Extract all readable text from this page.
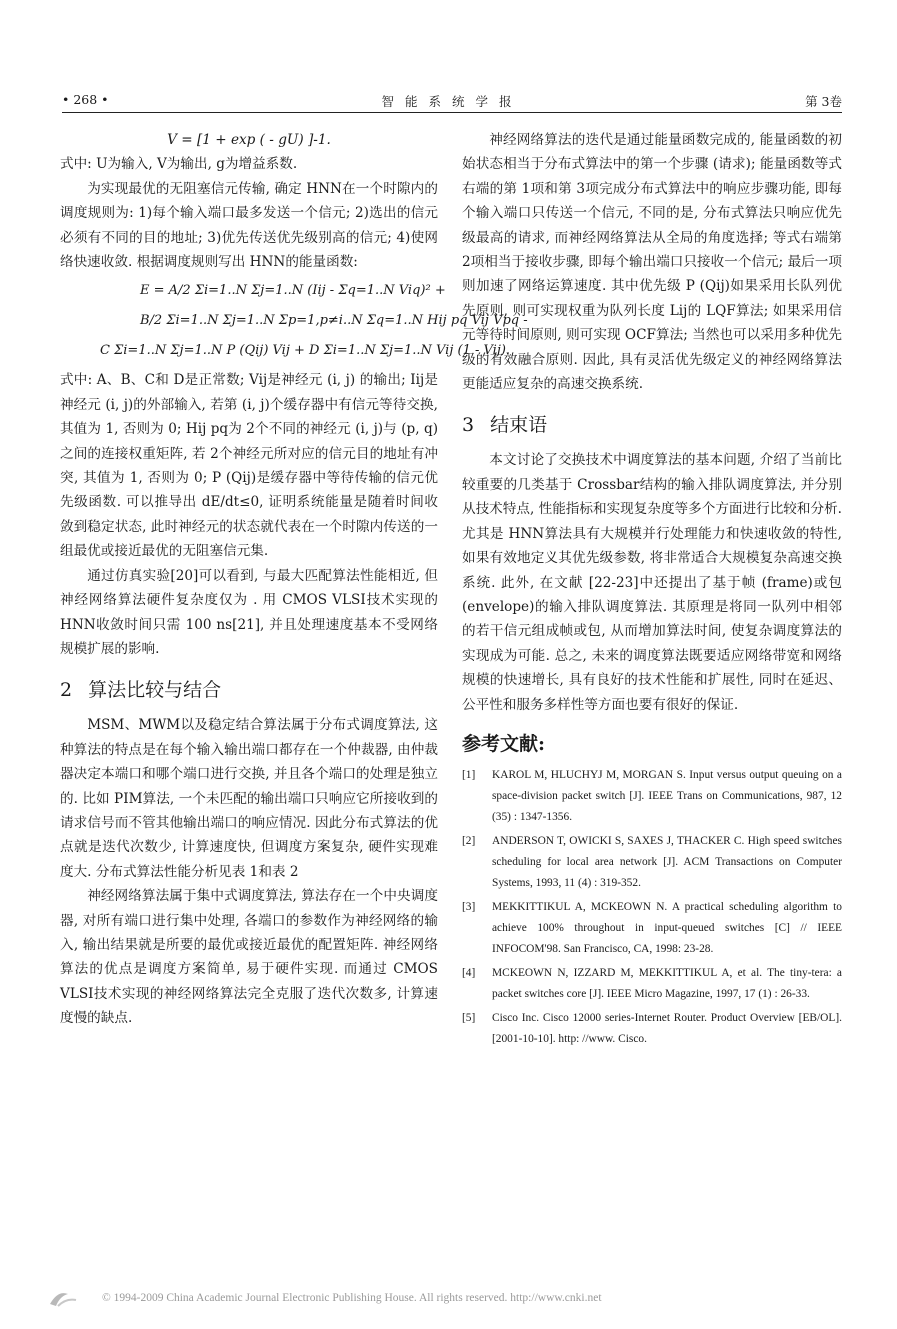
• 268 •	智能系统学报	第 3卷

V = [1 + exp ( - gU) ]-1.

式中: U为输入, V为输出, g为增益系数.

为实现最优的无阻塞信元传输, 确定 HNN在一个时隙内的调度规则为: 1)每个输入端口最多发送一个信元; 2)选出的信元必须有不同的目的地址; 3)优先传送优先级别高的信元; 4)使网络快速收敛. 根据调度规则写出 HNN的能量函数:

E = A/2 Σi=1..N Σj=1..N (Iij - Σq=1..N Viq)² +
B/2 Σi=1..N Σj=1..N Σp=1,p≠i..N Σq=1..N Hij pq Vij Vpq -
C Σi=1..N Σj=1..N P (Qij) Vij + D Σi=1..N Σj=1..N Vij (1 - Vij).

式中: A、B、C和 D是正常数; Vij是神经元 (i, j) 的输出; Iij是神经元 (i, j)的外部输入, 若第 (i, j)个缓存器中有信元等待交换, 其值为 1, 否则为 0; Hij pq为 2个不同的神经元 (i, j)与 (p, q)之间的连接权重矩阵, 若 2个神经元所对应的信元目的地址有冲突, 其值为 1, 否则为 0; P (Qij)是缓存器中等待传输的信元优先级函数. 可以推导出 dE/dt≤0, 证明系统能量是随着时间收敛到稳定状态, 此时神经元的状态就代表在一个时隙内传送的一组最优或接近最优的无阻塞信元集.

通过仿真实验[20]可以看到, 与最大匹配算法性能相近, 但神经网络算法硬件复杂度仅为 . 用 CMOS VLSI技术实现的 HNN收敛时间只需 100 ns[21], 并且处理速度基本不受网络规模扩展的影响.

2 算法比较与结合

MSM、MWM以及稳定结合算法属于分布式调度算法, 这种算法的特点是在每个输入输出端口都存在一个仲裁器, 由仲裁器决定本端口和哪个端口进行交换, 并且各个端口的处理是独立的. 比如 PIM算法, 一个未匹配的输出端口只响应它所接收到的请求信号而不管其他输出端口的响应情况. 因此分布式算法的优点就是迭代次数少, 计算速度快, 但调度方案复杂, 硬件实现难度大. 分布式算法性能分析见表 1和表 2

神经网络算法属于集中式调度算法, 算法存在一个中央调度器, 对所有端口进行集中处理, 各端口的参数作为神经网络的输入, 输出结果就是所要的最优或接近最优的配置矩阵. 神经网络算法的优点是调度方案简单, 易于硬件实现. 而通过 CMOS VLSI技术实现的神经网络算法完全克服了迭代次数多, 计算速度慢的缺点.

神经网络算法的迭代是通过能量函数完成的, 能量函数的初始状态相当于分布式算法中的第一个步骤 (请求); 能量函数等式右端的第 1项和第 3项完成分布式算法中的响应步骤功能, 即每个输入端口只传送一个信元, 不同的是, 分布式算法只响应优先级最高的请求, 而神经网络算法从全局的角度选择; 等式右端第 2项相当于接收步骤, 即每个输出端口只接收一个信元; 最后一项则加速了网络运算速度. 其中优先级 P (Qij)如果采用长队列优先原则, 则可实现权重为队列长度 Lij的 LQF算法; 如果采用信元等待时间原则, 则可实现 OCF算法; 当然也可以采用多种优先级的有效融合原则. 因此, 具有灵活优先级定义的神经网络算法更能适应复杂的高速交换系统.

3 结束语

本文讨论了交换技术中调度算法的基本问题, 介绍了当前比较重要的几类基于 Crossbar结构的输入排队调度算法, 并分别从技术特点, 性能指标和实现复杂度等多个方面进行比较和分析. 尤其是 HNN算法具有大规模并行处理能力和快速收敛的特性, 如果有效地定义其优先级参数, 将非常适合大规模复杂高速交换系统. 此外, 在文献 [22-23]中还提出了基于帧 (frame)或包 (envelope)的输入排队调度算法. 其原理是将同一队列中相邻的若干信元组成帧或包, 从而增加算法时间, 使复杂调度算法的实现成为可能. 总之, 未来的调度算法既要适应网络带宽和网络规模的快速增长, 具有良好的技术性能和扩展性, 同时在延迟、公平性和服务多样性等方面也要有很好的保证.

参考文献:
[1] KAROL M, HLUCHYJ M, MORGAN S. Input versus output queuing on a space-division packet switch [J]. IEEE Trans on Communications, 987, 12 (35) : 1347-1356.
[2] ANDERSON T, OWICKI S, SAXES J, THACKER C. High speed switches scheduling for local area network [J]. ACM Transactions on Computer Systems, 1993, 11 (4) : 319-352.
[3] MEKKITTIKUL A, MCKEOWN N. A practical scheduling algorithm to achieve 100% throughout in input-queued switches [C] // IEEE INFOCOM'98. San Francisco, CA, 1998: 23-28.
[4] MCKEOWN N, IZZARD M, MEKKITTIKUL A, et al. The tiny-tera: a packet switches core [J]. IEEE Micro Magazine, 1997, 17 (1) : 26-33.
[5] Cisco Inc. Cisco 12000 series-Internet Router. Product Overview [EB/OL]. [2001-10-10]. http: //www. Cisco.
© 1994-2009 China Academic Journal Electronic Publishing House. All rights reserved. http://www.cnki.net
